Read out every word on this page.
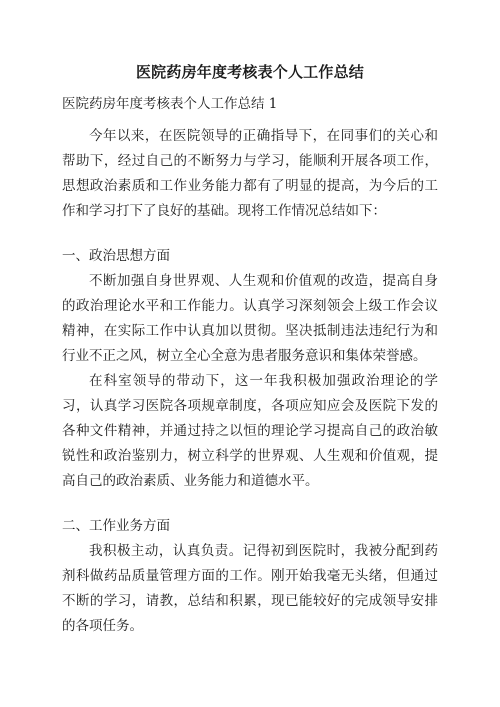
医院药房年度考核表个人工作总结

医院药房年度考核表个人工作总结 1

今年以来，在医院领导的正确指导下，在同事们的关心和帮助下，经过自己的不断努力与学习，能顺利开展各项工作，思想政治素质和工作业务能力都有了明显的提高，为今后的工作和学习打下了良好的基础。现将工作情况总结如下：

一、政治思想方面

不断加强自身世界观、人生观和价值观的改造，提高自身的政治理论水平和工作能力。认真学习深刻领会上级工作会议精神，在实际工作中认真加以贯彻。坚决抵制违法违纪行为和行业不正之风，树立全心全意为患者服务意识和集体荣誉感。

在科室领导的带动下，这一年我积极加强政治理论的学习，认真学习医院各项规章制度，各项应知应会及医院下发的各种文件精神，并通过持之以恒的理论学习提高自己的政治敏锐性和政治鉴别力，树立科学的世界观、人生观和价值观，提高自己的政治素质、业务能力和道德水平。

二、工作业务方面

我积极主动，认真负责。记得初到医院时，我被分配到药剂科做药品质量管理方面的工作。刚开始我毫无头绪，但通过不断的学习，请教，总结和积累，现已能较好的完成领导安排的各项任务。
